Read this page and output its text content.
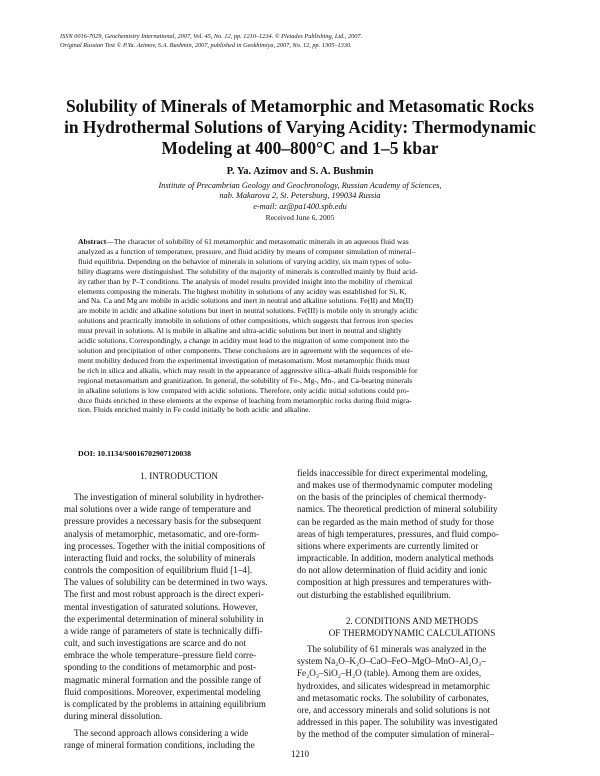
ISSN 0016-7029, Geochemistry International, 2007, Vol. 45, No. 12, pp. 1210–1234. © Pleiades Publishing, Ltd., 2007.
Original Russian Text © P.Ya. Azimov, S.A. Bushmin, 2007, published in Geokhimiya, 2007, No. 12, pp. 1305–1330.
Solubility of Minerals of Metamorphic and Metasomatic Rocks
in Hydrothermal Solutions of Varying Acidity: Thermodynamic
Modeling at 400–800°C and 1–5 kbar
P. Ya. Azimov and S. A. Bushmin
Institute of Precambrian Geology and Geochronology, Russian Academy of Sciences,
nab. Makarova 2, St. Petersburg, 199034 Russia
e-mail: az@pa1400.spb.edu
Received June 6, 2005
Abstract—The character of solubility of 61 metamorphic and metasomatic minerals in an aqueous fluid was
analyzed as a function of temperature, pressure, and fluid acidity by means of computer simulation of mineral–
fluid equilibria. Depending on the behavior of minerals in solutions of varying acidity, six main types of solu-
bility diagrams were distinguished. The solubility of the majority of minerals is controlled mainly by fluid acid-
ity rather than by P–T conditions. The analysis of model results provided insight into the mobility of chemical
elements composing the minerals. The highest mobility in solutions of any acidity was established for Si, K,
and Na. Ca and Mg are mobile in acidic solutions and inert in neutral and alkaline solutions. Fe(II) and Mn(II)
are mobile in acidic and alkaline solutions but inert in neutral solutions. Fe(III) is mobile only in strongly acidic
solutions and practically immobile in solutions of other compositions, which suggests that ferrous iron species
must prevail in solutions. Al is mobile in alkaline and ultra-acidic solutions but inert in neutral and slightly
acidic solutions. Correspondingly, a change in acidity must lead to the migration of some component into the
solution and precipitation of other components. These conclusions are in agreement with the sequences of ele-
ment mobility deduced from the experimental investigation of metasomatism. Most metamorphic fluids must
be rich in silica and alkalis, which may result in the appearance of aggressive silica–alkali fluids responsible for
regional metasomatism and granitization. In general, the solubility of Fe-, Mg-, Mn-, and Ca-bearing minerals
in alkaline solutions is low compared with acidic solutions. Therefore, only acidic initial solutions could pro-
duce fluids enriched in these elements at the expense of leaching from metamorphic rocks during fluid migra-
tion. Fluids enriched mainly in Fe could initially be both acidic and alkaline.
DOI: 10.1134/S0016702907120038
1. INTRODUCTION
The investigation of mineral solubility in hydrother-
mal solutions over a wide range of temperature and
pressure provides a necessary basis for the subsequent
analysis of metamorphic, metasomatic, and ore-form-
ing processes. Together with the initial compositions of
interacting fluid and rocks, the solubility of minerals
controls the composition of equilibrium fluid [1–4].
The values of solubility can be determined in two ways.
The first and most robust approach is the direct experi-
mental investigation of saturated solutions. However,
the experimental determination of mineral solubility in
a wide range of parameters of state is technically diffi-
cult, and such investigations are scarce and do not
embrace the whole temperature–pressure field corre-
sponding to the conditions of metamorphic and post-
magmatic mineral formation and the possible range of
fluid compositions. Moreover, experimental modeling
is complicated by the problems in attaining equilibrium
during mineral dissolution.
The second approach allows considering a wide
range of mineral formation conditions, including the
fields inaccessible for direct experimental modeling,
and makes use of thermodynamic computer modeling
on the basis of the principles of chemical thermody-
namics. The theoretical prediction of mineral solubility
can be regarded as the main method of study for those
areas of high temperatures, pressures, and fluid compo-
sitions where experiments are currently limited or
impracticable. In addition, modern analytical methods
do not allow determination of fluid acidity and ionic
composition at high pressures and temperatures with-
out disturbing the established equilibrium.
2. CONDITIONS AND METHODS
OF THERMODYNAMIC CALCULATIONS
The solubility of 61 minerals was analyzed in the
system Na₂O–K₂O–CaO–FeO–MgO–MnO–Al₂O₃–
Fe₂O₃–SiO₂–H₂O (table). Among them are oxides,
hydroxides, and silicates widespread in metamorphic
and metasomatic rocks. The solubility of carbonates,
ore, and accessory minerals and solid solutions is not
addressed in this paper. The solubility was investigated
by the method of the computer simulation of mineral–
1210
